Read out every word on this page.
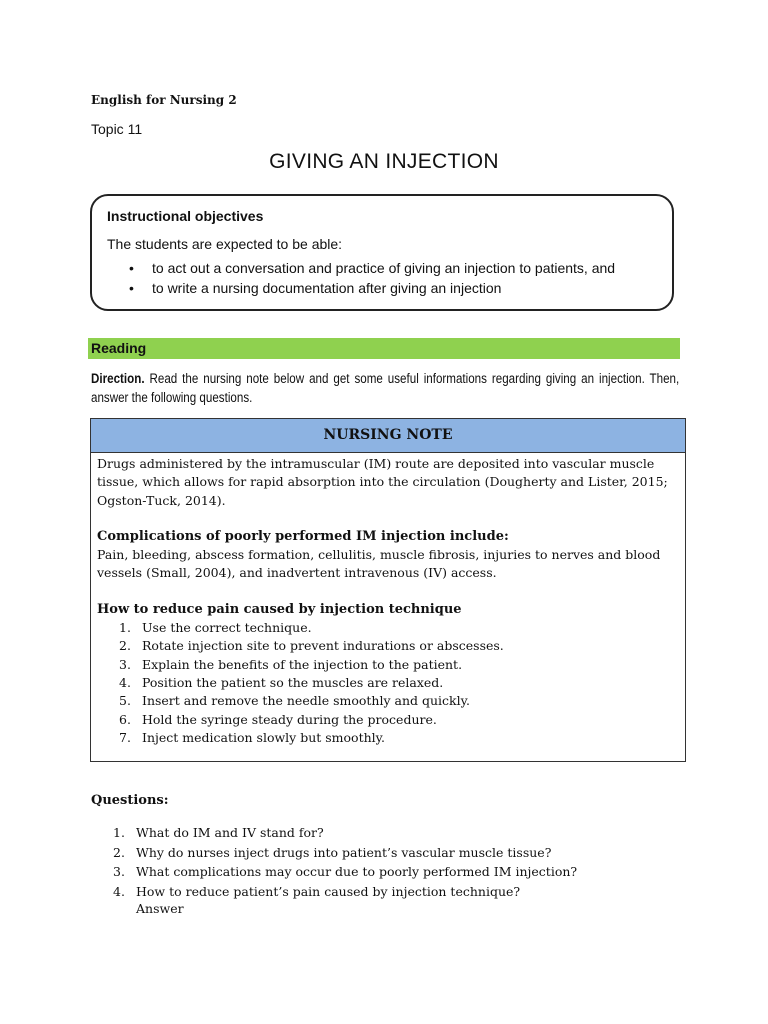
English for Nursing 2
Topic 11
GIVING AN INJECTION
Instructional objectives
The students are expected to be able:
• to act out a conversation and practice of giving an injection to patients, and
• to write a nursing documentation after giving an injection
Reading
Direction. Read the nursing note below and get some useful informations regarding giving an injection. Then, answer the following questions.
NURSING NOTE

Drugs administered by the intramuscular (IM) route are deposited into vascular muscle tissue, which allows for rapid absorption into the circulation (Dougherty and Lister, 2015; Ogston-Tuck, 2014).

Complications of poorly performed IM injection include:

Pain, bleeding, abscess formation, cellulitis, muscle fibrosis, injuries to nerves and blood vessels (Small, 2004), and inadvertent intravenous (IV) access.

How to reduce pain caused by injection technique

1. Use the correct technique.
2. Rotate injection site to prevent indurations or abscesses.
3. Explain the benefits of the injection to the patient.
4. Position the patient so the muscles are relaxed.
5. Insert and remove the needle smoothly and quickly.
6. Hold the syringe steady during the procedure.
7. Inject medication slowly but smoothly.
Questions:
1. What do IM and IV stand for?
2. Why do nurses inject drugs into patient’s vascular muscle tissue?
3. What complications may occur due to poorly performed IM injection?
4. How to reduce patient’s pain caused by injection technique?
Answer
